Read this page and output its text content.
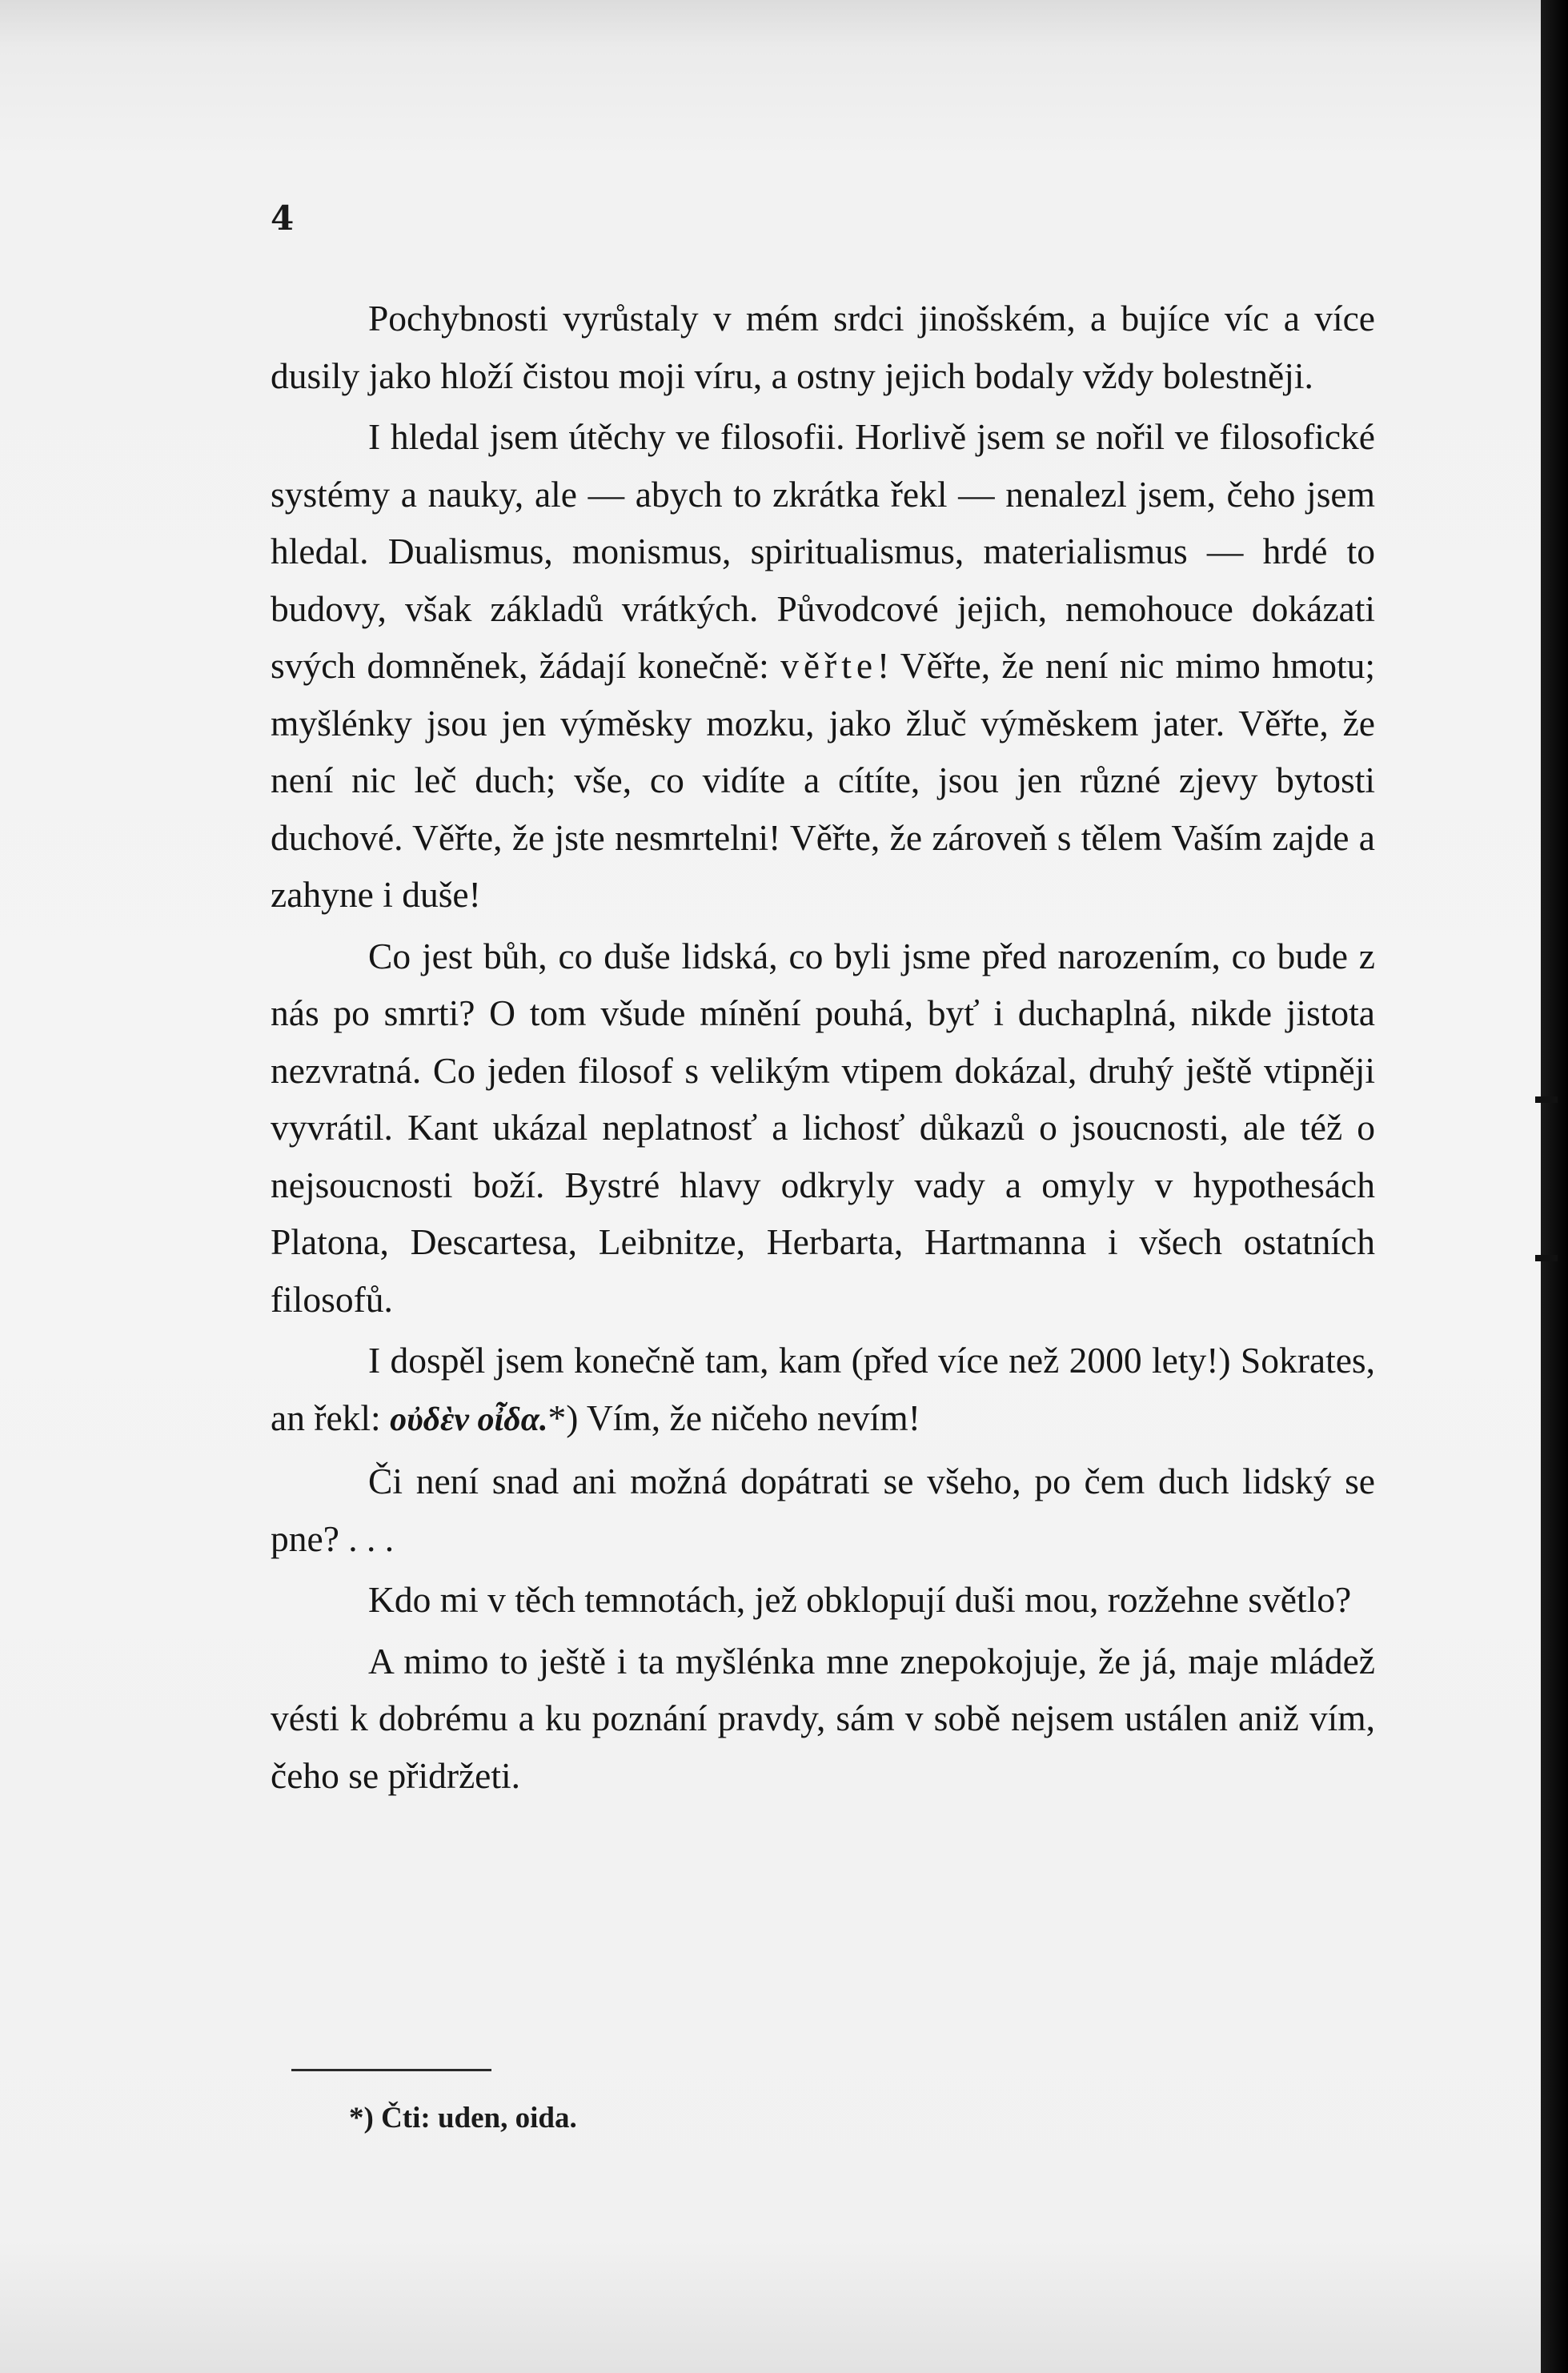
4

Pochybnosti vyrůstaly v mém srdci jinošském, a bujíce víc a více dusily jako hloží čistou moji víru, a ostny jejich bodaly vždy bolestněji.

I hledal jsem útěchy ve filosofii. Horlivě jsem se nořil ve filosofické systémy a nauky, ale — abych to zkrátka řekl — nenalezl jsem, čeho jsem hledal. Dualismus, monismus, spiritualismus, materialismus — hrdé to budovy, však základů vrátkých. Původcové jejich, nemohouce dokázati svých domněnek, žádají konečně: věřte! Věřte, že není nic mimo hmotu; myšlénky jsou jen výměsky mozku, jako žluč výměskem jater. Věřte, že není nic leč duch; vše, co vidíte a cítíte, jsou jen různé zjevy bytosti duchové. Věřte, že jste nesmrtelni! Věřte, že zároveň s tělem Vaším zajde a zahyne i duše!

Co jest bůh, co duše lidská, co byli jsme před narozením, co bude z nás po smrti? O tom všude mínění pouhá, byť i duchaplná, nikde jistota nezvratná. Co jeden filosof s velikým vtipem dokázal, druhý ještě vtipněji vyvrátil. Kant ukázal neplatnosť a lichosť důkazů o jsoucnosti, ale též o nejsoucnosti boží. Bystré hlavy odkryly vady a omyly v hypothesách Platona, Descartesa, Leibnitze, Herbarta, Hartmanna i všech ostatních filosofů.

I dospěl jsem konečně tam, kam (před více než 2000 lety!) Sokrates, an řekl: οὐδὲν οἶδα.*) Vím, že ničeho nevím!

Či není snad ani možná dopátrati se všeho, po čem duch lidský se pne? . . .

Kdo mi v těch temnotách, jež obklopují duši mou, rozžehne světlo?

A mimo to ještě i ta myšlénka mne znepokojuje, že já, maje mládež vésti k dobrému a ku poznání pravdy, sám v sobě nejsem ustálen aniž vím, čeho se přidržeti.

*) Čti: uden, oida.
